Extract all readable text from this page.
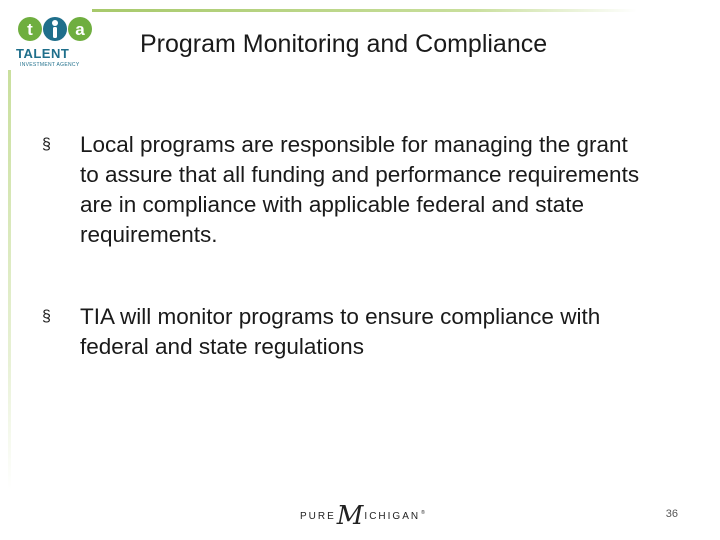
t a
TALENT
INVESTMENT AGENCY
Program Monitoring and Compliance
§	Local programs are responsible for managing the grant to assure that all funding and performance requirements are in compliance with applicable federal and state requirements.
§	TIA will monitor programs to ensure compliance with federal and state regulations
PURE M ICHIGAN ®	36
